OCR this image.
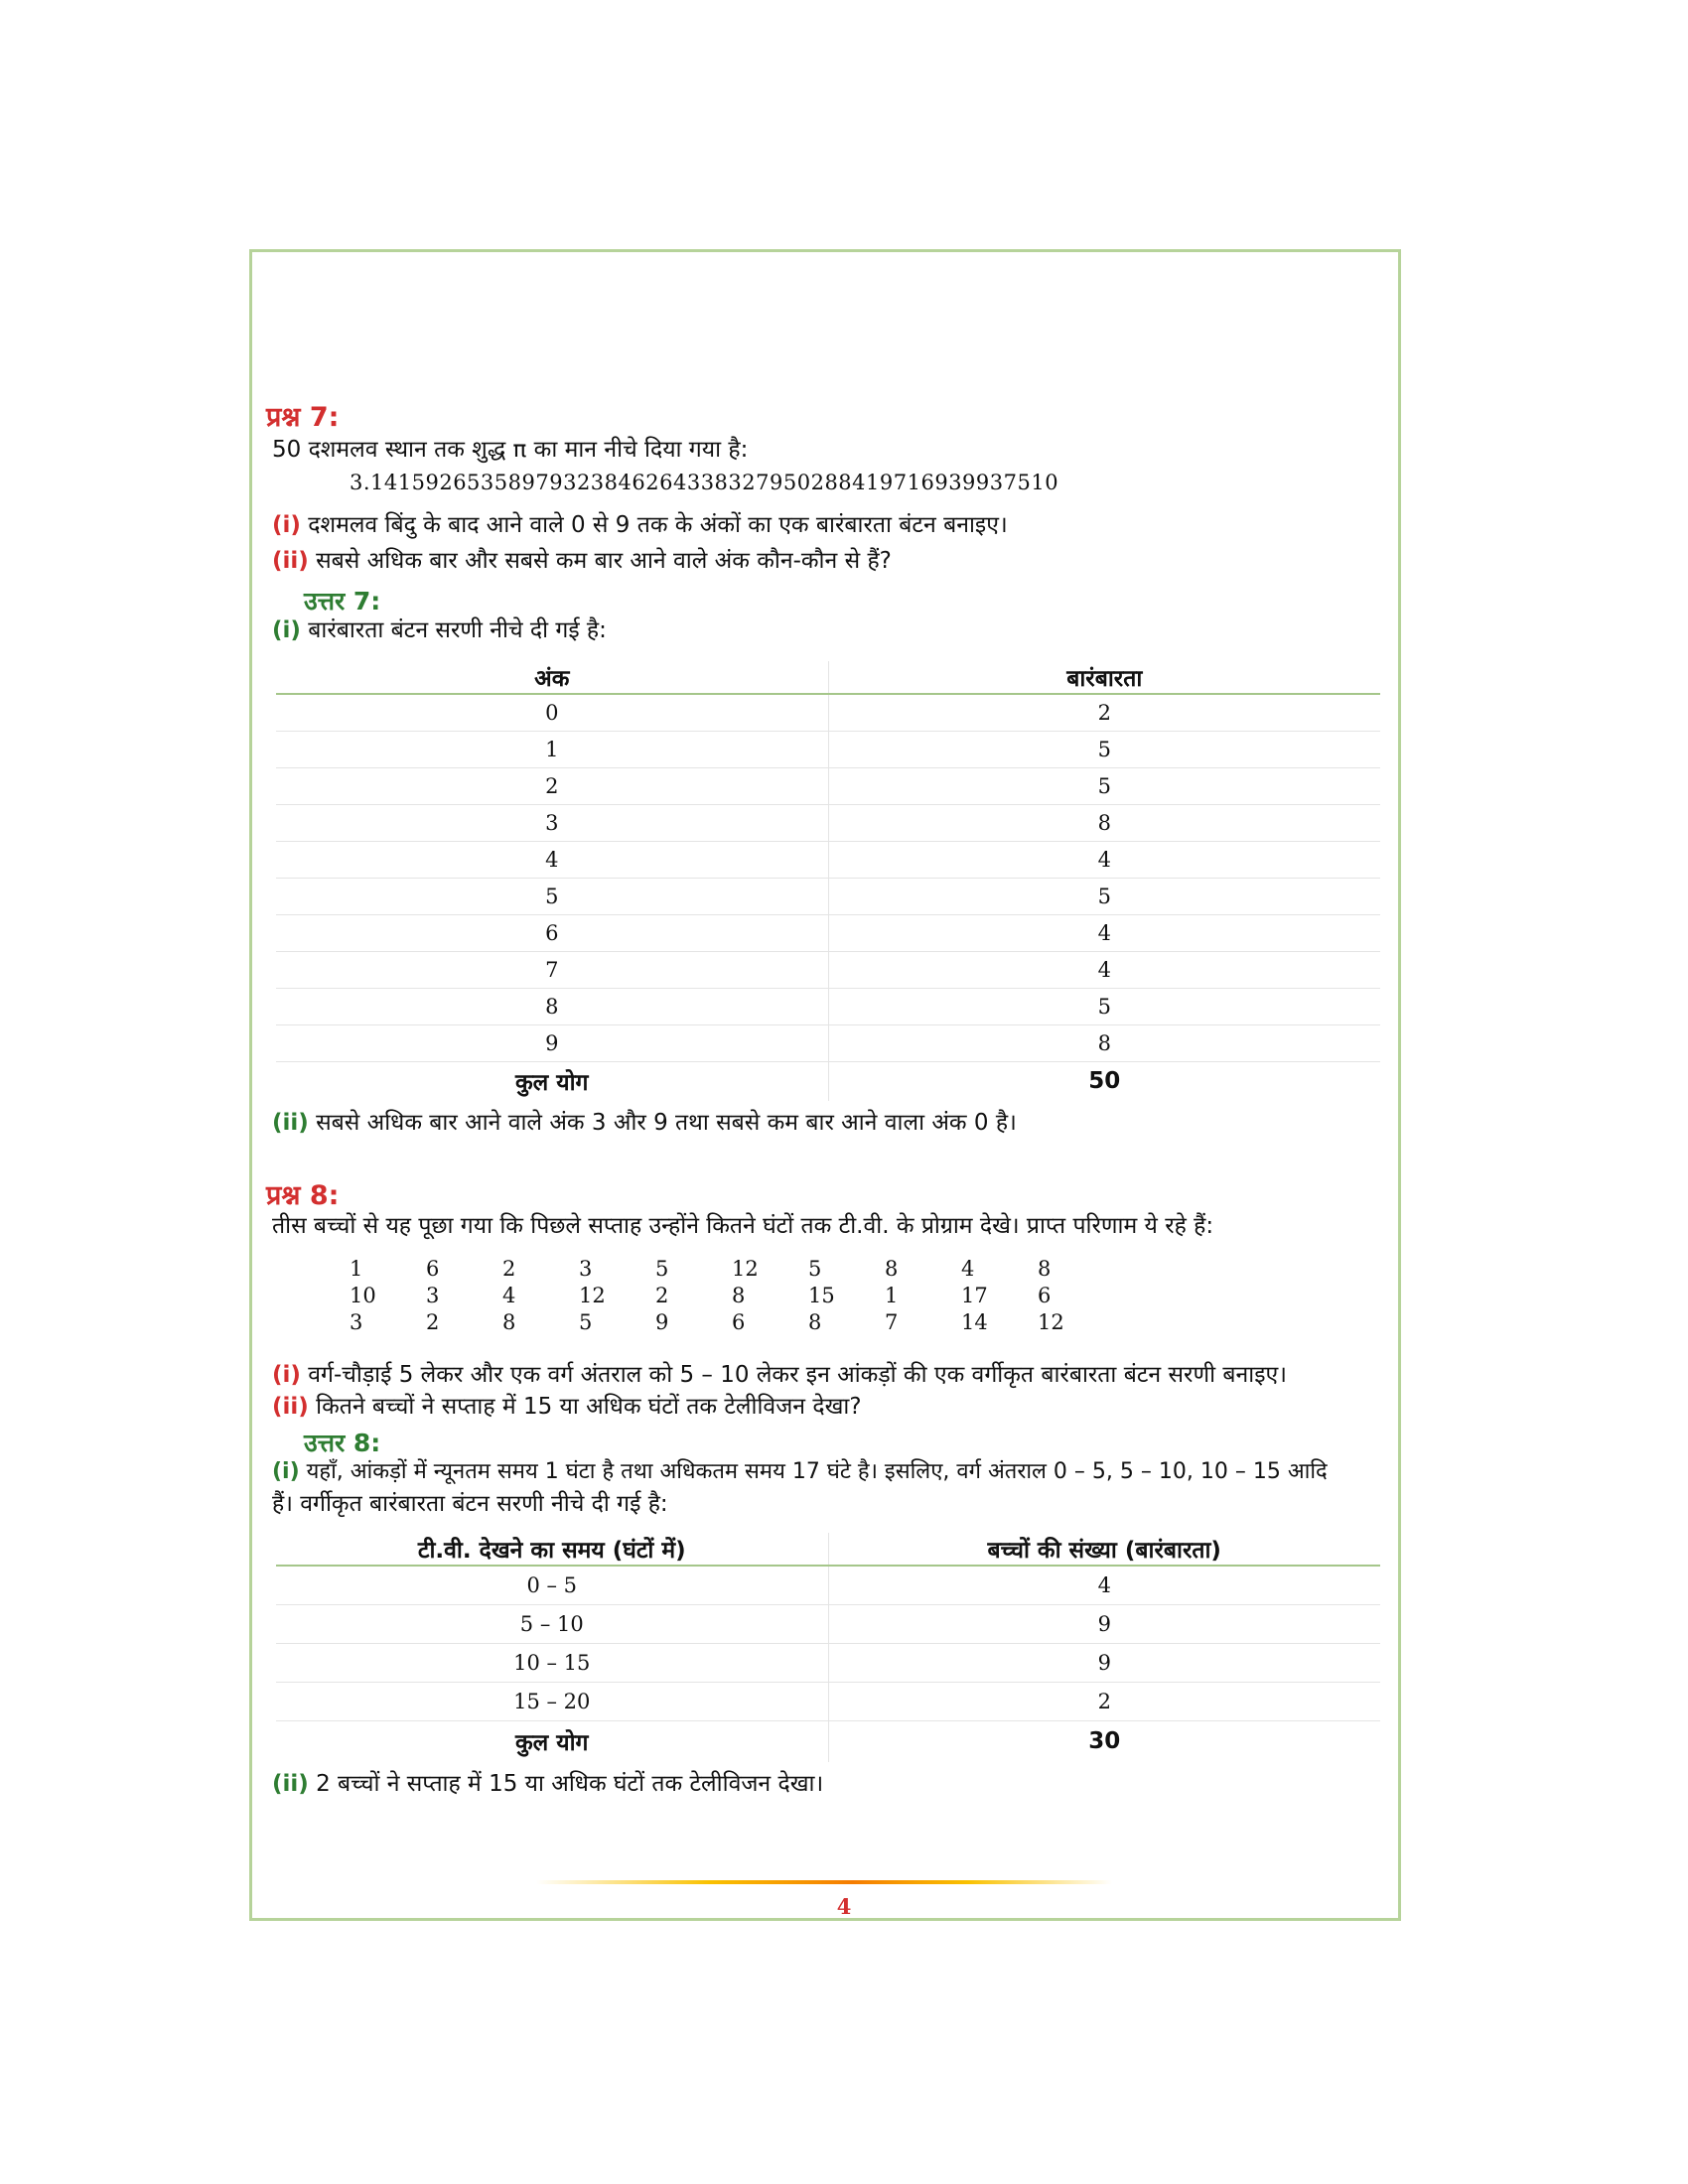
प्रश्न 7:
50 दशमलव स्थान तक शुद्ध π का मान नीचे दिया गया है:
3.14159265358979323846264338327950288419716939937510
(i) दशमलव बिंदु के बाद आने वाले 0 से 9 तक के अंकों का एक बारंबारता बंटन बनाइए।
(ii) सबसे अधिक बार और सबसे कम बार आने वाले अंक कौन-कौन से हैं?
उत्तर 7:
(i) बारंबारता बंटन सरणी नीचे दी गई है:
अंक	बारंबारता
0	2
1	5
2	5
3	8
4	4
5	5
6	4
7	4
8	5
9	8
कुल योग	50
(ii) सबसे अधिक बार आने वाले अंक 3 और 9 तथा सबसे कम बार आने वाला अंक 0 है।
प्रश्न 8:
तीस बच्चों से यह पूछा गया कि पिछले सप्ताह उन्होंने कितने घंटों तक टी.वी. के प्रोग्राम देखे। प्राप्त परिणाम ये रहे हैं:
1	6	2	3	5	12	5	8	4	8
10	3	4	12	2	8	15	1	17	6
3	2	8	5	9	6	8	7	14	12
(i) वर्ग-चौड़ाई 5 लेकर और एक वर्ग अंतराल को 5 – 10 लेकर इन आंकड़ों की एक वर्गीकृत बारंबारता बंटन सरणी बनाइए।
(ii) कितने बच्चों ने सप्ताह में 15 या अधिक घंटों तक टेलीविजन देखा?
उत्तर 8:
(i) यहाँ, आंकड़ों में न्यूनतम समय 1 घंटा है तथा अधिकतम समय 17 घंटे है। इसलिए, वर्ग अंतराल 0 – 5, 5 – 10, 10 – 15 आदि
हैं। वर्गीकृत बारंबारता बंटन सरणी नीचे दी गई है:
टी.वी. देखने का समय (घंटों में)	बच्चों की संख्या (बारंबारता)
0 – 5	4
5 – 10	9
10 – 15	9
15 – 20	2
कुल योग	30
(ii) 2 बच्चों ने सप्ताह में 15 या अधिक घंटों तक टेलीविजन देखा।
4
